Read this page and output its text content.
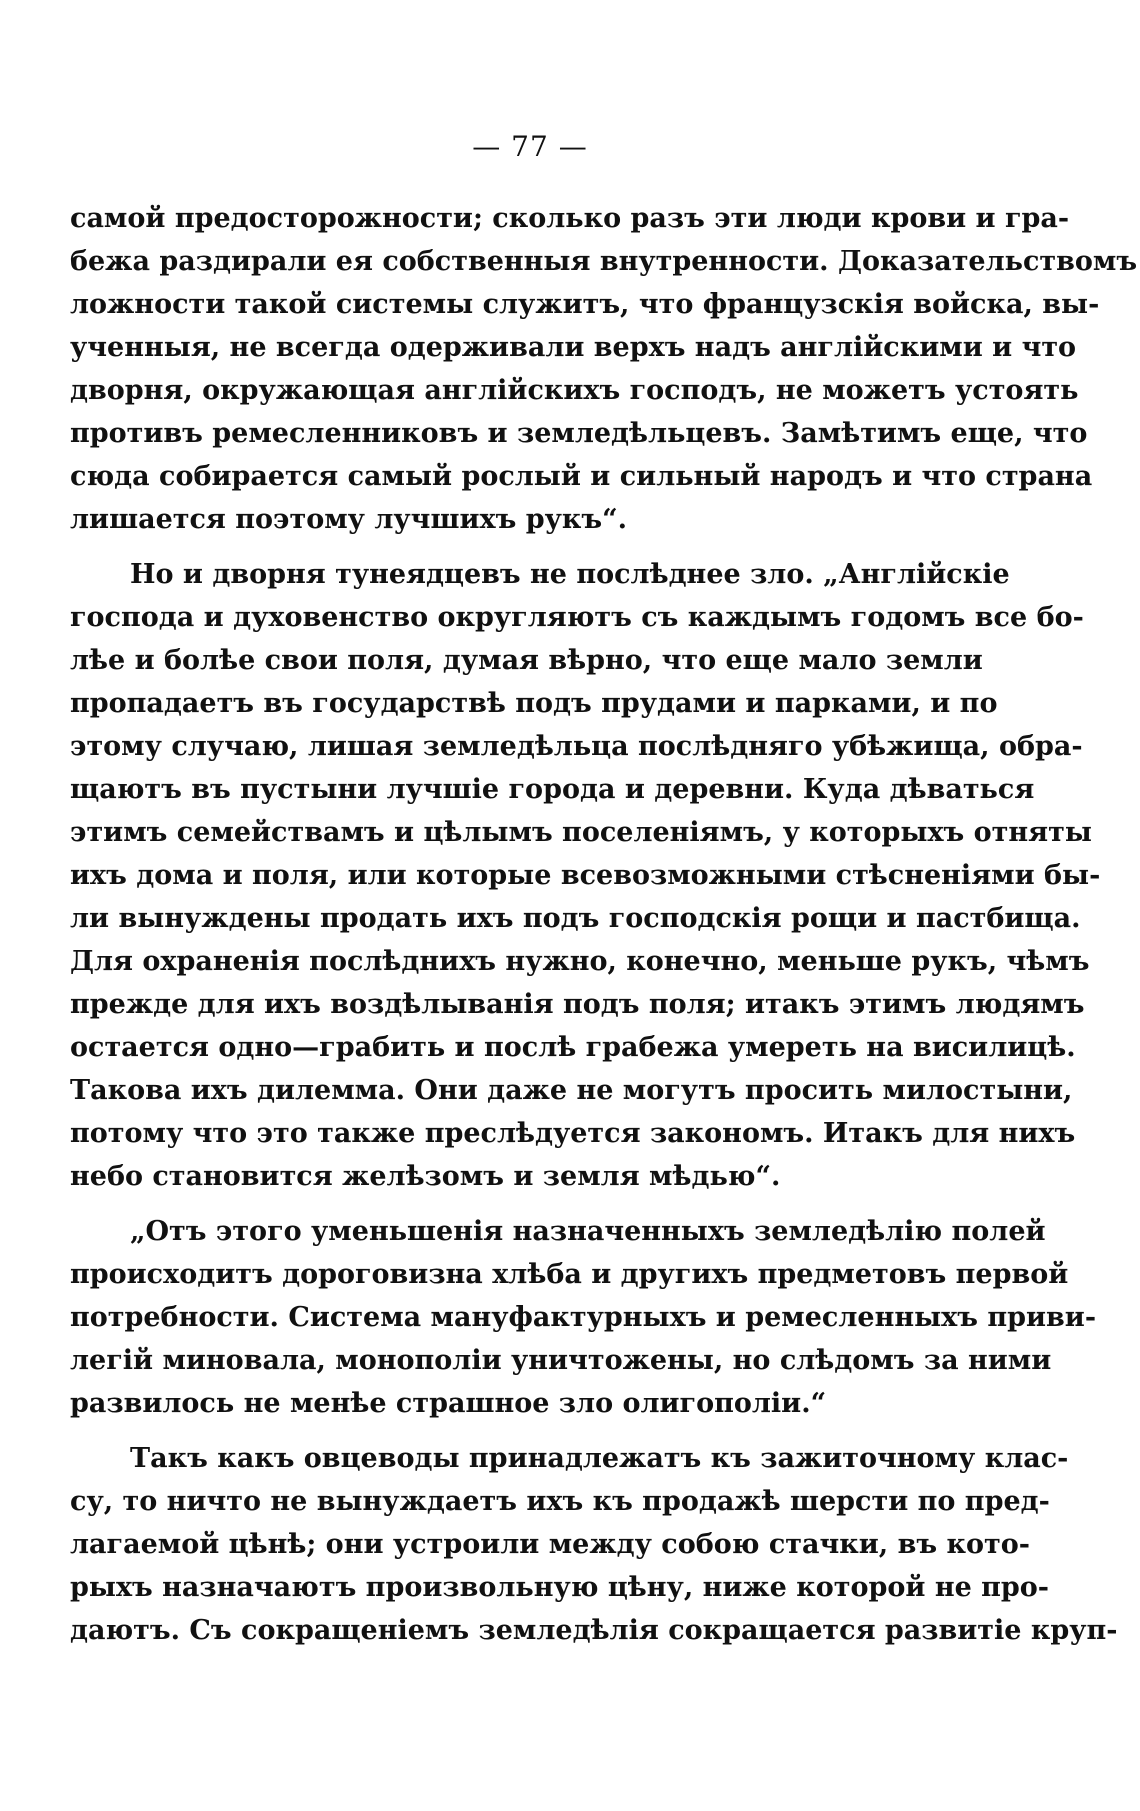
— 77 —
самой предосторожности; сколько разъ эти люди крови и гра-
бежа раздирали ея собственныя внутренности. Доказательствомъ
ложности такой системы служитъ, что французскія войска, вы-
ученныя, не всегда одерживали верхъ надъ англійскими и что
дворня, окружающая англійскихъ господъ, не можетъ устоять
противъ ремесленниковъ и земледѣльцевъ. Замѣтимъ еще, что
сюда собирается самый рослый и сильный народъ и что страна
лишается поэтому лучшихъ рукъ“.
Но и дворня тунеядцевъ не послѣднее зло. „Англійскіе
господа и духовенство округляютъ съ каждымъ годомъ все бо-
лѣе и болѣе свои поля, думая вѣрно, что еще мало земли
пропадаетъ въ государствѣ подъ прудами и парками, и по
этому случаю, лишая земледѣльца послѣдняго убѣжища, обра-
щаютъ въ пустыни лучшіе города и деревни. Куда дѣваться
этимъ семействамъ и цѣлымъ поселеніямъ, у которыхъ отняты
ихъ дома и поля, или которые всевозможными стѣсненіями бы-
ли вынуждены продать ихъ подъ господскія рощи и пастбища.
Для охраненія послѣднихъ нужно, конечно, меньше рукъ, чѣмъ
прежде для ихъ воздѣлыванія подъ поля; итакъ этимъ людямъ
остается одно—грабить и послѣ грабежа умереть на висилицѣ.
Такова ихъ дилемма. Они даже не могутъ просить милостыни,
потому что это также преслѣдуется закономъ. Итакъ для нихъ
небо становится желѣзомъ и земля мѣдью“.
„Отъ этого уменьшенія назначенныхъ земледѣлію полей
происходитъ дороговизна хлѣба и другихъ предметовъ первой
потребности. Система мануфактурныхъ и ремесленныхъ приви-
легій миновала, монополіи уничтожены, но слѣдомъ за ними
развилось не менѣе страшное зло олигополіи.“
Такъ какъ овцеводы принадлежатъ къ зажиточному клас-
су, то ничто не вынуждаетъ ихъ къ продажѣ шерсти по пред-
лагаемой цѣнѣ; они устроили между собою стачки, въ кото-
рыхъ назначаютъ произвольную цѣну, ниже которой не про-
даютъ. Съ сокращеніемъ земледѣлія сокращается развитіе круп-
